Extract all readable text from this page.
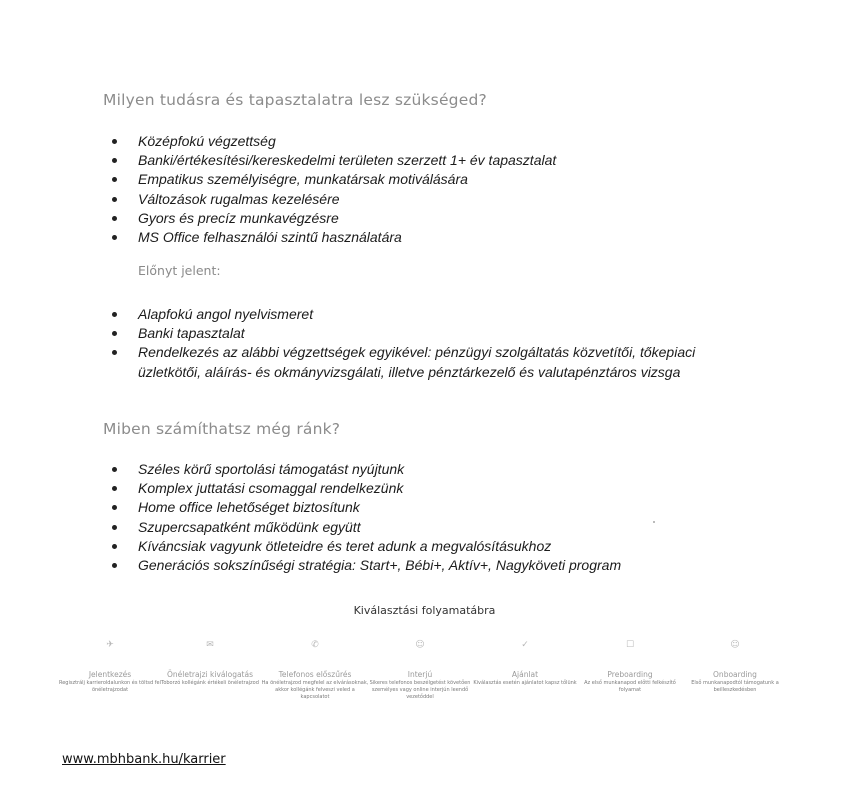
Milyen tudásra és tapasztalatra lesz szükséged?
Középfokú végzettség
Banki/értékesítési/kereskedelmi területen szerzett 1+ év tapasztalat
Empatikus személyiségre, munkatársak motiválására
Változások rugalmas kezelésére
Gyors és precíz munkavégzésre
MS Office felhasználói szintű használatára
Előnyt jelent:
Alapfokú angol nyelvismeret
Banki tapasztalat
Rendelkezés az alábbi végzettségek egyikével: pénzügyi szolgáltatás közvetítői, tőkepiaci üzletkötői, aláírás- és okmányvizsgálati, illetve pénztárkezelő és valutapénztáros vizsga
Miben számíthatsz még ránk?
Széles körű sportolási támogatást nyújtunk
Komplex juttatási csomaggal rendelkezünk
Home office lehetőséget biztosítunk
Szupercsapatként működünk együtt
Kíváncsiak vagyunk ötleteidre és teret adunk a megvalósításukhoz
Generációs sokszínűségi stratégia: Start+, Bébi+, Aktív+, Nagyköveti program
Kiválasztási folyamatábra
✈
Jelentkezés
Regisztrálj karrieroldalunkon és töltsd fel önéletrajzodat
✉
Önéletrajzi kiválogatás
Toborzó kollégánk értékeli önéletrajzod
✆
Telefonos előszűrés
Ha önéletrajzod megfelel az elvárásoknak, akkor kollégánk felveszi veled a kapcsolatot
☺
Interjú
Sikeres telefonos beszélgetést követően személyes vagy online interjún leendő vezetőddel
✓
Ajánlat
Kiválasztás esetén ajánlatot kapsz tőlünk
☐
Preboarding
Az első munkanapod előtti felkészítő folyamat
☺
Onboarding
Első munkanapodtól támogatunk a beilleszkedésben
www.mbhbank.hu/karrier
